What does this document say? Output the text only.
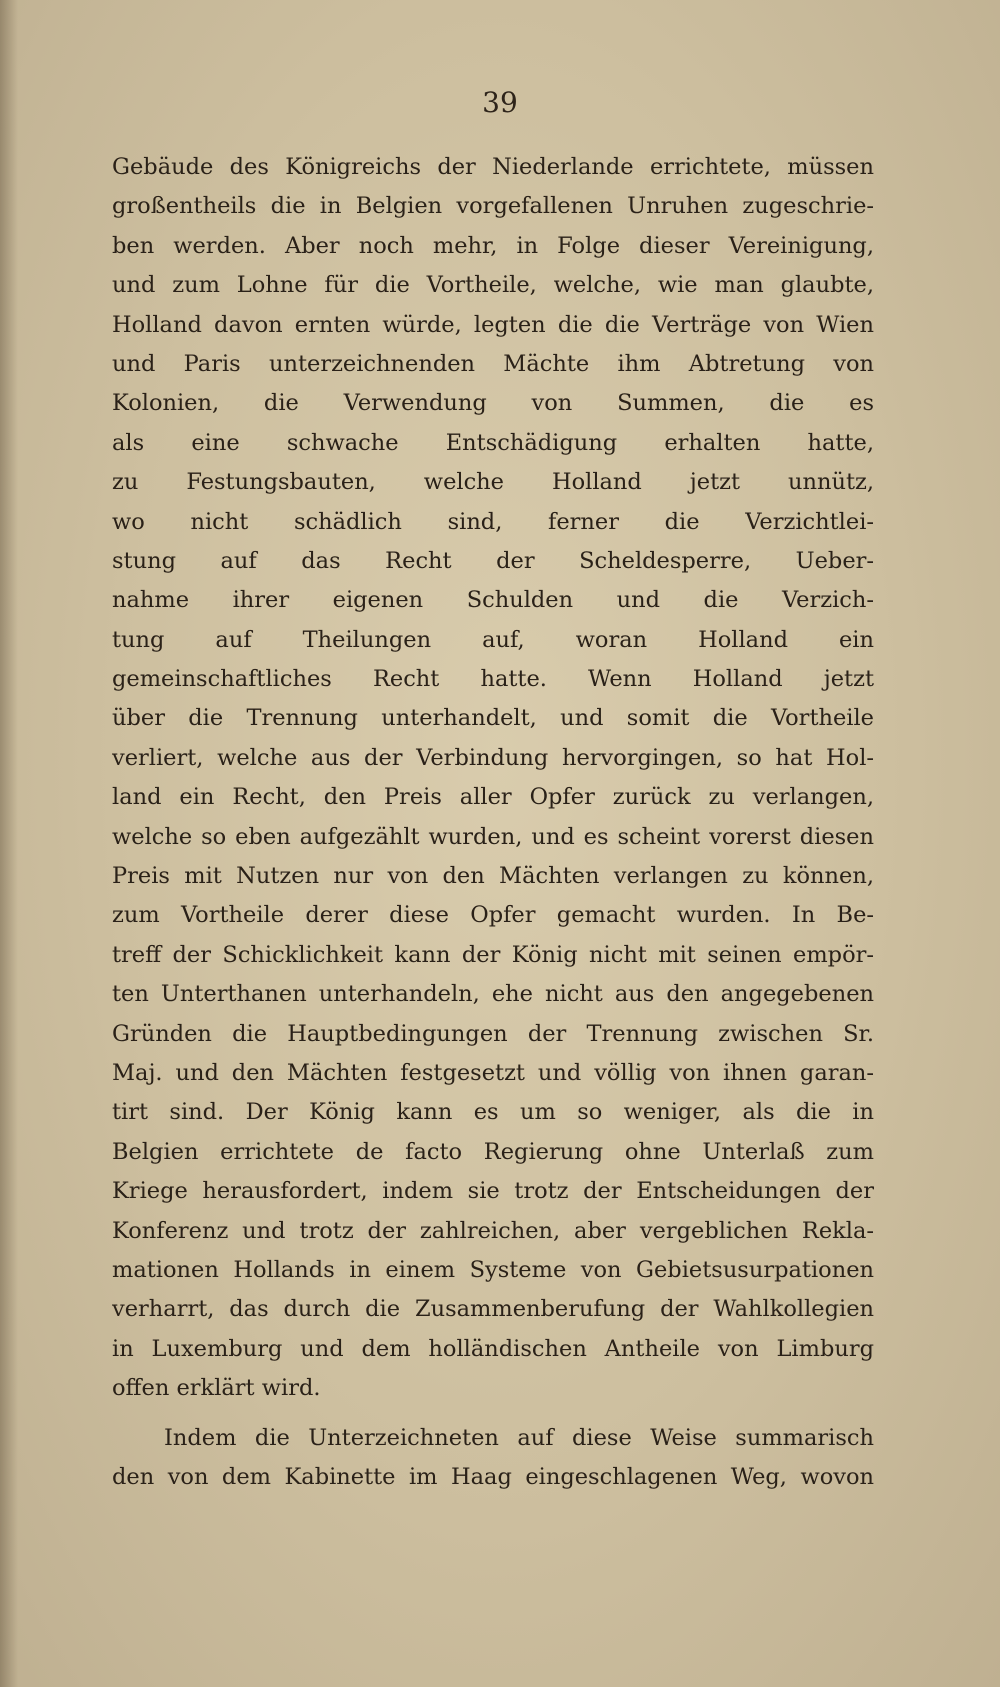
39
Gebäude des Königreichs der Niederlande errichtete, müssen
großentheils die in Belgien vorgefallenen Unruhen zugeschrie-
ben werden. Aber noch mehr, in Folge dieser Vereinigung,
und zum Lohne für die Vortheile, welche, wie man glaubte,
Holland davon ernten würde, legten die die Verträge von Wien
und Paris unterzeichnenden Mächte ihm Abtretung von
Kolonien, die Verwendung von Summen, die es
als eine schwache Entschädigung erhalten hatte,
zu Festungsbauten, welche Holland jetzt unnütz,
wo nicht schädlich sind, ferner die Verzichtlei-
stung auf das Recht der Scheldesperre, Ueber-
nahme ihrer eigenen Schulden und die Verzich-
tung auf Theilungen auf, woran Holland ein
gemeinschaftliches Recht hatte. Wenn Holland jetzt
über die Trennung unterhandelt, und somit die Vortheile
verliert, welche aus der Verbindung hervorgingen, so hat Hol-
land ein Recht, den Preis aller Opfer zurück zu verlangen,
welche so eben aufgezählt wurden, und es scheint vorerst diesen
Preis mit Nutzen nur von den Mächten verlangen zu können,
zum Vortheile derer diese Opfer gemacht wurden. In Be-
treff der Schicklichkeit kann der König nicht mit seinen empör-
ten Unterthanen unterhandeln, ehe nicht aus den angegebenen
Gründen die Hauptbedingungen der Trennung zwischen Sr.
Maj. und den Mächten festgesetzt und völlig von ihnen garan-
tirt sind. Der König kann es um so weniger, als die in
Belgien errichtete de facto Regierung ohne Unterlaß zum
Kriege herausfordert, indem sie trotz der Entscheidungen der
Konferenz und trotz der zahlreichen, aber vergeblichen Rekla-
mationen Hollands in einem Systeme von Gebietsusurpationen
verharrt, das durch die Zusammenberufung der Wahlkollegien
in Luxemburg und dem holländischen Antheile von Limburg
offen erklärt wird.
Indem die Unterzeichneten auf diese Weise summarisch
den von dem Kabinette im Haag eingeschlagenen Weg, wovon
